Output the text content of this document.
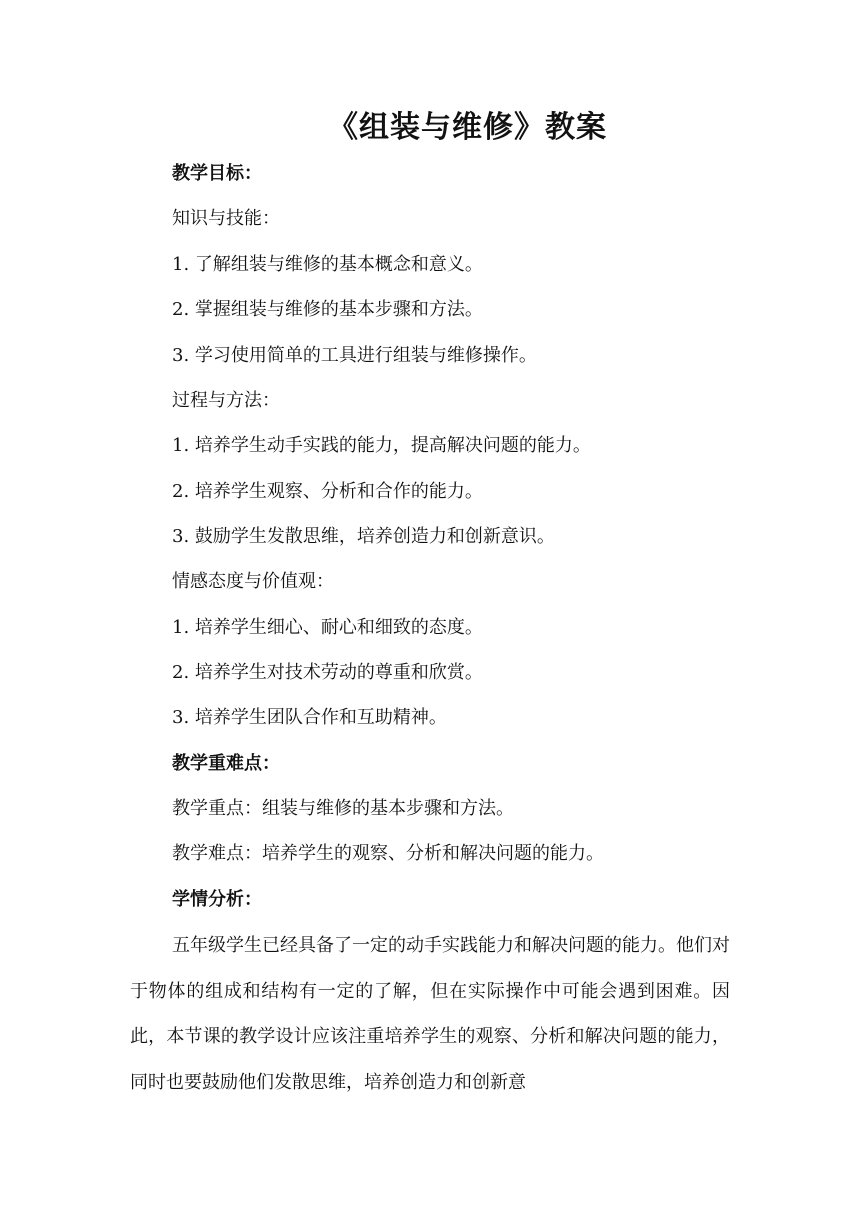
《组装与维修》教案

教学目标：

知识与技能：

1. 了解组装与维修的基本概念和意义。

2. 掌握组装与维修的基本步骤和方法。

3. 学习使用简单的工具进行组装与维修操作。

过程与方法：

1. 培养学生动手实践的能力，提高解决问题的能力。

2. 培养学生观察、分析和合作的能力。

3. 鼓励学生发散思维，培养创造力和创新意识。

情感态度与价值观：

1. 培养学生细心、耐心和细致的态度。

2. 培养学生对技术劳动的尊重和欣赏。

3. 培养学生团队合作和互助精神。

教学重难点：

教学重点：组装与维修的基本步骤和方法。

教学难点：培养学生的观察、分析和解决问题的能力。

学情分析：

五年级学生已经具备了一定的动手实践能力和解决问题的能力。他们对于物体的组成和结构有一定的了解，但在实际操作中可能会遇到困难。因此，本节课的教学设计应该注重培养学生的观察、分析和解决问题的能力，同时也要鼓励他们发散思维，培养创造力和创新意
